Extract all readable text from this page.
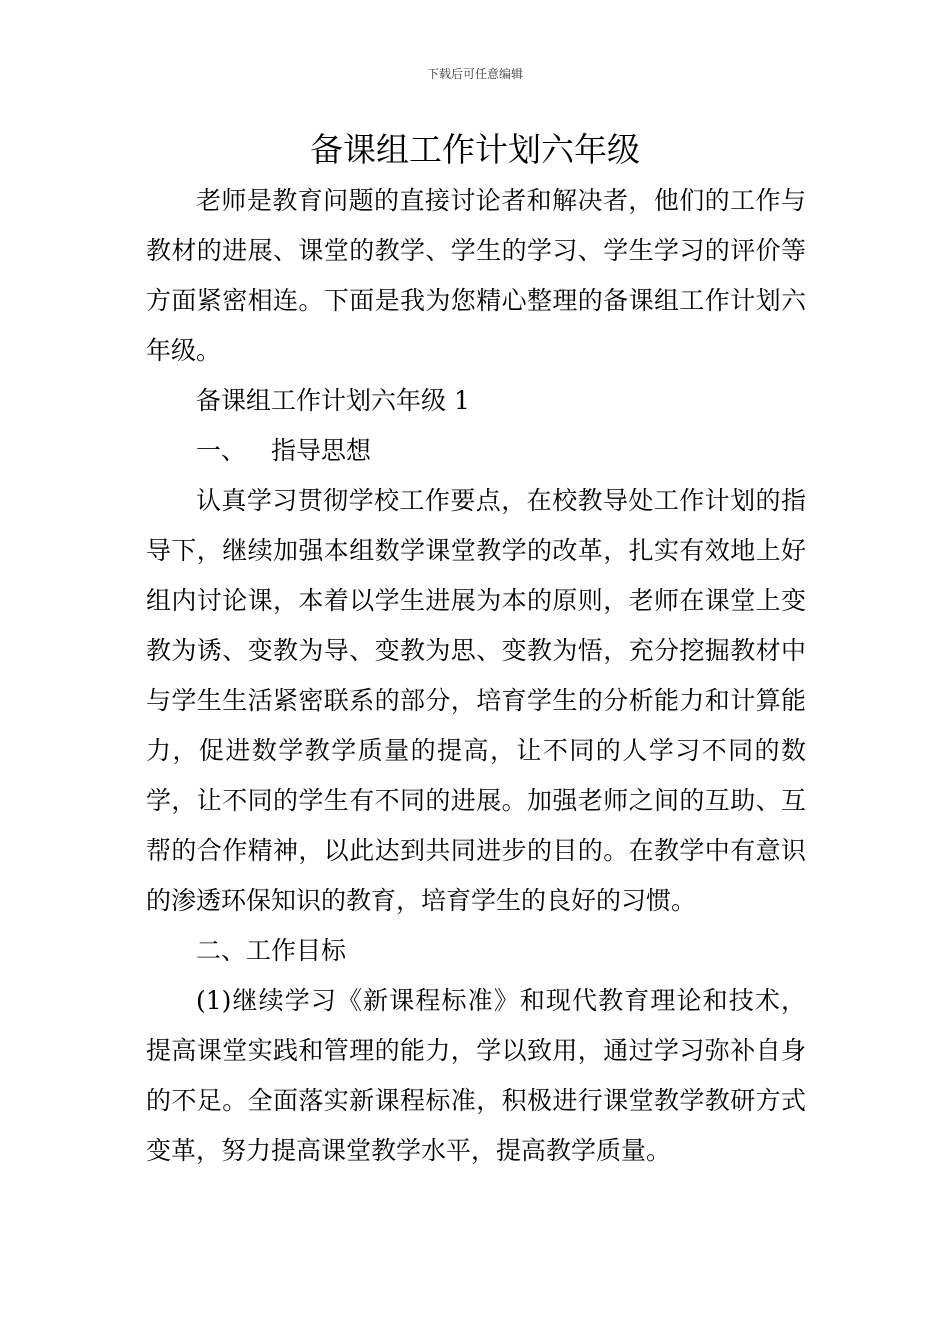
下载后可任意编辑
备课组工作计划六年级

老师是教育问题的直接讨论者和解决者，他们的工作与教材的进展、课堂的教学、学生的学习、学生学习的评价等方面紧密相连。下面是我为您精心整理的备课组工作计划六年级。

备课组工作计划六年级 1

一、 指导思想

认真学习贯彻学校工作要点，在校教导处工作计划的指导下，继续加强本组数学课堂教学的改革，扎实有效地上好组内讨论课，本着以学生进展为本的原则，老师在课堂上变教为诱、变教为导、变教为思、变教为悟，充分挖掘教材中与学生生活紧密联系的部分，培育学生的分析能力和计算能力，促进数学教学质量的提高，让不同的人学习不同的数学，让不同的学生有不同的进展。加强老师之间的互助、互帮的合作精神，以此达到共同进步的目的。在教学中有意识的渗透环保知识的教育，培育学生的良好的习惯。

二、工作目标

(1)继续学习《新课程标准》和现代教育理论和技术，提高课堂实践和管理的能力，学以致用，通过学习弥补自身的不足。全面落实新课程标准，积极进行课堂教学教研方式变革，努力提高课堂教学水平，提高教学质量。
